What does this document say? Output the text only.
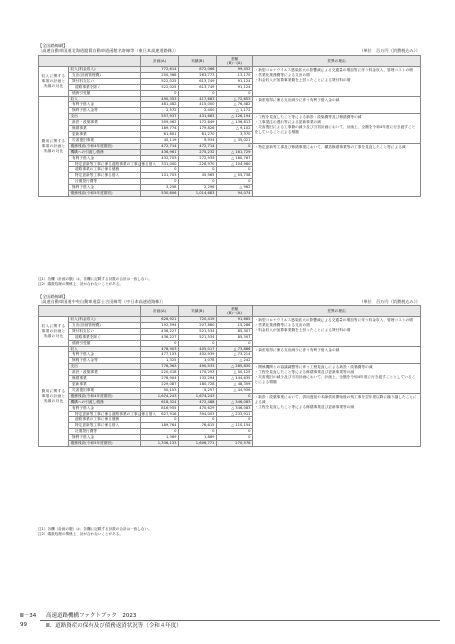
【全国路線網】
〔高速自動車国道北海道縦貫自動車道函館名寄線等（東日本高速道路株）〕	（単位　百万円（消費税込み））
		計画(A)	実績(B)	差額
(B)－(A)	差異の理由
収入に関する事項の計画と実績の対比	収入(料金収入)	772,614	872,066	99,452	・新型コロナウイルス感染拡大の影響減による交通量の増加等に伴う料金収入、管理コストの増
・営業化業務費等による支出の増
・料金収入が加算事業費を上回ったことによる貸付料の増
	支出(計画管理費)	250,368	263,773	13,170	
	貸付料支払い	522,025	613,749	91,124	
	道路事業を除く	522,025	613,749	91,124	
	債務引受額	0	0	0	
費用に関する事項の計画と実績の対比	収入	490,353	417,683	△ 72,653	・資産取得に係る支出減少に伴う有利子借入金の減
	有利子借入金	481,482	415,000	△ 76,482	
	無利子借入金等	2,572	2,400	△ 1,172	
	支出	557,937	431,663	△ 126,194	・工程を見直したこと等による新設・改築費等及び修繕費等の減
・工事発注の遅れ等による更新事業の減
・災害復旧による工事費の減少及び当初計画において、計画上、全額を令和4年度に行き渡すことをしていることによる増額
	新設・改築事業	309,462	172,649	△ 136,813	
	修繕事業	189,774	179,826	△ 9,102	
	更新事業	61,601	81,270	3,370	
	災害復旧事業	45,119	9,934	△ 35,021	
	債務残高(令和4年度期首)	472,714	472,714	0	・特定更新等工事及び修繕事業において、構造修繕事業等の工事を見直したこと等による減
	機構への引渡し債務	436,961	275,232	△ 161,729	
	有利子借入金	432,703	272,935	△ 160,767	
	特定更新等工事に係る道路事業の工事に係る借入	331,000	226,970	△ 104,980	
	道路事業の工事に係る債務	0	0	0	
	特定更新等工事に係る借入	101,703	45,965	△ 55,738	
	社債発行費等	0	0	0	
	無利子借入金	3,258	2,296	△ 962	
	債務残高(令和5年度期首)	530,806	1,014,683	94,074	
注1）各欄（計画の額）は、各欄に記載する計数の合計は一致しない。
注2）端数処理の関係上、計が合わないことがある。
【全国路線網】
〔高速自動車国道中央自動車道富士吉田線等（中日本高速道路株）〕	（単位　百万円（消費税込み））
		計画(A)	実績(B)	差額
(B)－(A)	差異の理由
収入に関する事項の計画と実績の対比	収入(料金収入)	626,921	720,419	91,665	・新型コロナウイルス感染拡大の影響減による交通量の増加等に伴う料金収入、管理コストの増
・営業化業務費等による支出の増
・料金収入が加算事業費を上回ったことによる貸付料の増
	支出(計画管理費)	192,594	207,880	15,286	
	貸付料支払い	436,227	521,534	85,307	
	道路事業を除く	436,227	521,534	85,307	
	債務引受額	0	0	0	
費用に関する事項の計画と実績の対比	収入	478,903	405,017	△ 73,886	・資産取得に係る支出減少に伴う有利子借入金の減
	有利子借入金	477,153	402,939	△ 73,214	
	無利子借入金等	1,325	1,078	△ 242	
	支出	776,363	490,533	△ 285,830	・関係機関との協議調整等に伴う工程見直しによる新設・改築費等の減
・工程を見直したこと等による修繕事業及び更新事業等の減
・災害復旧の減少及び当初計画において、計画上、全額を令和4年度に行き渡すこととしていることによる増額
	新設・改築事業	220,418	170,293	△ 50,125	
	修繕事業	276,904	132,294	△ 144,635	
	更新事業	229,087	180,728	△ 48,359	
	災害復旧事業	50,153	5,257	△ 44,936	
	債務残高(令和4年度期首)	1,674,243	1,674,243	0	・新設・改築事業において、供用遅延や本線供用開始後の残工事を翌年度以降に繰り越したことによる減
・工程を見直したこと等による修繕事業及び更新事業等の減
	機構への引渡し債務	618,324	472,488	△ 346,083	
	有利子借入金	816,955	470,629	△ 346,083	
	特定更新等工事に係る道路事業の工事に係る借入	627,916	394,003	△ 233,911	
	道路事業の工事に係る債務	0	0	0	
	特定更新等工事に係る借入	189,764	76,615	△ 110,154	
	社債発行費等	0	0	0	
	無利子借入金	1,369	1,869	0	
	債務残高(令和5年度期首)	1,336,133	1,606,771	270,578	
注1）各欄（計画の額）は、各欄に記載する計数の合計は一致しない。
注2）端数処理の関係上、計が合わないことがある。
Ⅲ－34	高速道路機構ファクトブック　2023
99	Ⅲ．道路資産の保有及び債務返済状況等（令和４年度）
